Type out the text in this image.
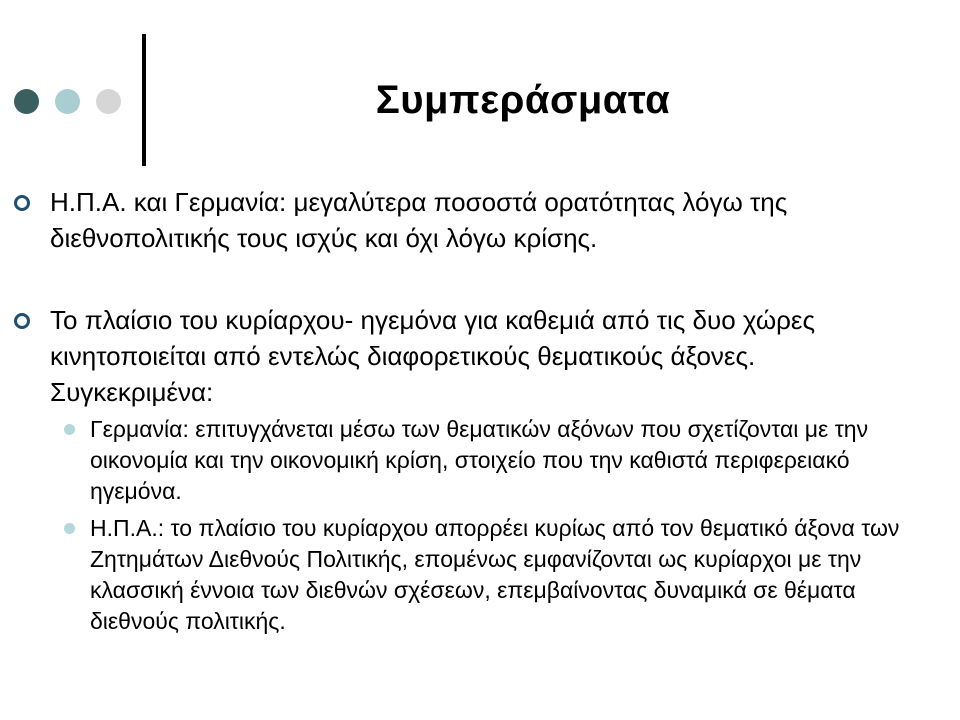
Συμπεράσματα
Η.Π.Α. και Γερμανία: μεγαλύτερα ποσοστά ορατότητας λόγω της διεθνοπολιτικής τους ισχύς και όχι λόγω κρίσης.
Το πλαίσιο του κυρίαρχου- ηγεμόνα για καθεμιά από τις δυο χώρες κινητοποιείται από εντελώς διαφορετικούς θεματικούς άξονες. Συγκεκριμένα:
Γερμανία: επιτυγχάνεται μέσω των θεματικών αξόνων που σχετίζονται με την οικονομία και την οικονομική κρίση, στοιχείο που την καθιστά περιφερειακό ηγεμόνα.
Η.Π.Α.: το πλαίσιο του κυρίαρχου απορρέει κυρίως από τον θεματικό άξονα των Ζητημάτων Διεθνούς Πολιτικής, επομένως εμφανίζονται ως κυρίαρχοι με την κλασσική έννοια των διεθνών σχέσεων, επεμβαίνοντας δυναμικά σε θέματα διεθνούς πολιτικής.
